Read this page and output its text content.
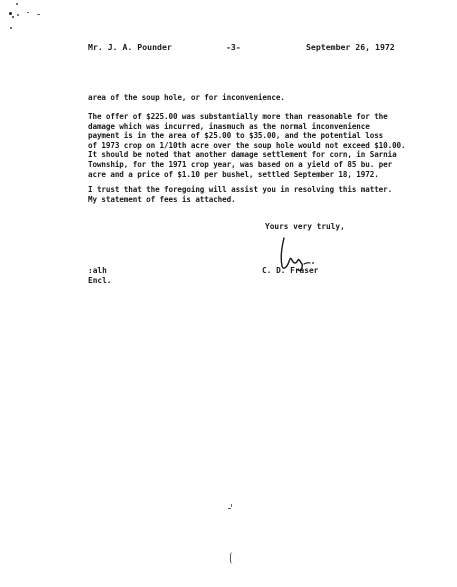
Mr. J. A. Pounder	-3-	September 26, 1972
area of the soup hole, or for inconvenience.
The offer of $225.00 was substantially more than reasonable for the
damage which was incurred, inasmuch as the normal inconvenience
payment is in the area of $25.00 to $35.00, and the potential loss
of 1973 crop on 1/10th acre over the soup hole would not exceed $10.00.
It should be noted that another damage settlement for corn, in Sarnia
Township, for the 1971 crop year, was based on a yield of 85 bu. per
acre and a price of $1.10 per bushel, settled September 18, 1972.
I trust that the foregoing will assist you in resolving this matter.
My statement of fees is attached.
Yours very truly,
C. D. Fraser
:alh
Encl.
